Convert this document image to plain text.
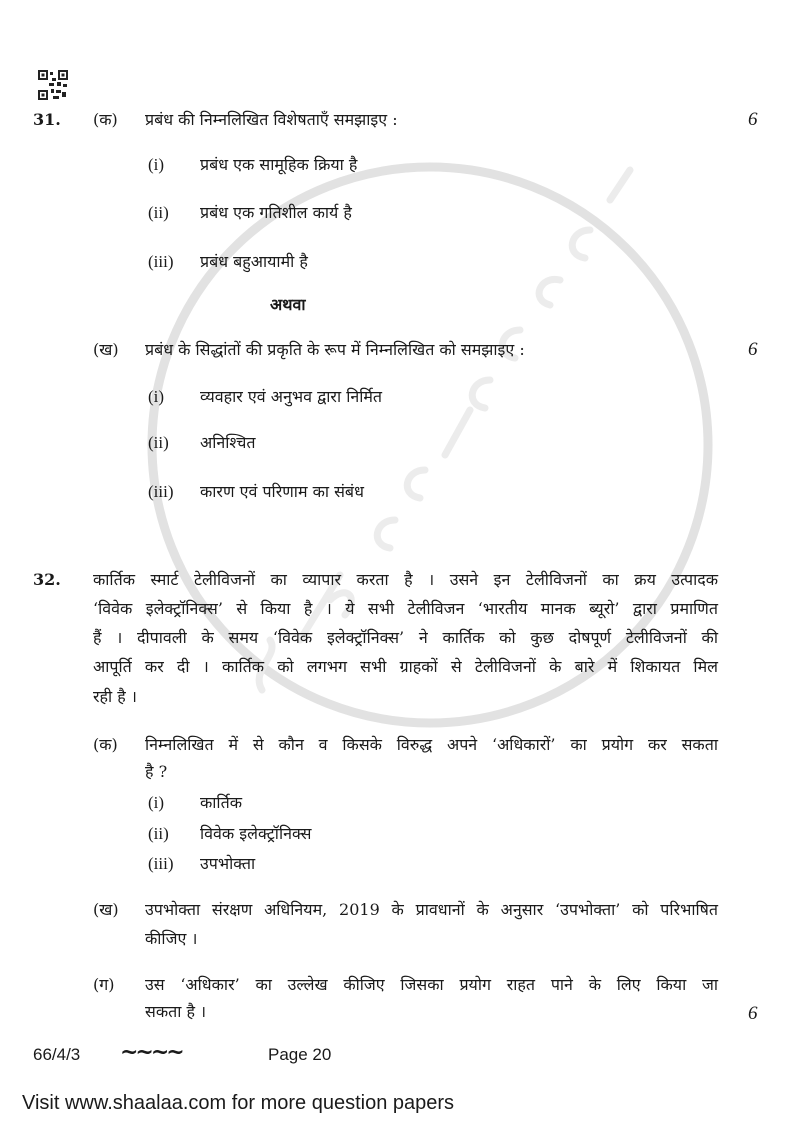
31. (क) प्रबंध की निम्नलिखित विशेषताएँ समझाइए :	6
(i) प्रबंध एक सामूहिक क्रिया है
(ii) प्रबंध एक गतिशील कार्य है
(iii) प्रबंध बहुआयामी है
अथवा
(ख) प्रबंध के सिद्धांतों की प्रकृति के रूप में निम्नलिखित को समझाइए :	6
(i) व्यवहार एवं अनुभव द्वारा निर्मित
(ii) अनिश्चित
(iii) कारण एवं परिणाम का संबंध
32. कार्तिक स्मार्ट टेलीविजनों का व्यापार करता है । उसने इन टेलीविजनों का क्रय उत्पादक
‘विवेक इलेक्ट्रॉनिक्स’ से किया है । ये सभी टेलीविजन ‘भारतीय मानक ब्यूरो’ द्वारा प्रमाणित
हैं । दीपावली के समय ‘विवेक इलेक्ट्रॉनिक्स’ ने कार्तिक को कुछ दोषपूर्ण टेलीविजनों की
आपूर्ति कर दी । कार्तिक को लगभग सभी ग्राहकों से टेलीविजनों के बारे में शिकायत मिल
रही है ।
(क) निम्नलिखित में से कौन व किसके विरुद्ध अपने ‘अधिकारों’ का प्रयोग कर सकता
है ?
(i) कार्तिक
(ii) विवेक इलेक्ट्रॉनिक्स
(iii) उपभोक्ता
(ख) उपभोक्ता संरक्षण अधिनियम, 2019 के प्रावधानों के अनुसार ‘उपभोक्ता’ को परिभाषित
कीजिए ।
(ग) उस ‘अधिकार’ का उल्लेख कीजिए जिसका प्रयोग राहत पाने के लिए किया जा
सकता है ।	6
66/4/3 ~~~~	Page 20
Visit www.shaalaa.com for more question papers
